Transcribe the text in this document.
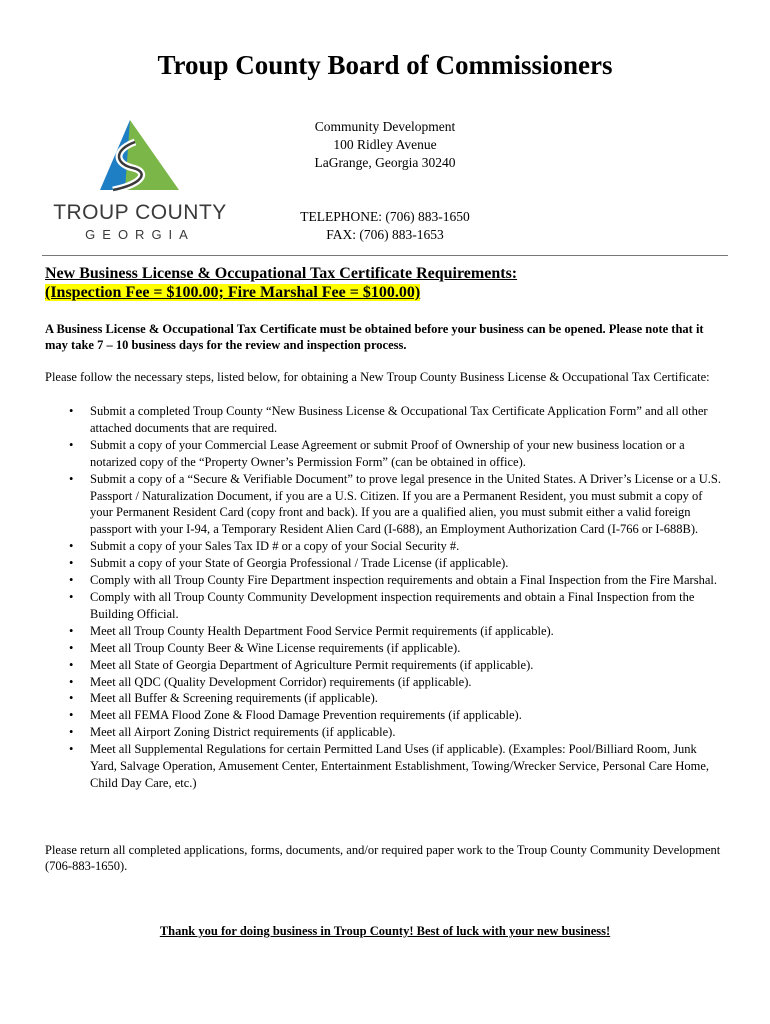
Troup County Board of Commissioners
TROUP COUNTY
GEORGIA
Community Development
100 Ridley Avenue
LaGrange, Georgia 30240
TELEPHONE: (706) 883-1650
FAX: (706) 883-1653
New Business License & Occupational Tax Certificate Requirements:
(Inspection Fee = $100.00; Fire Marshal Fee = $100.00)

A Business License & Occupational Tax Certificate must be obtained before your business can be opened. Please note that it may take 7 – 10 business days for the review and inspection process.

Please follow the necessary steps, listed below, for obtaining a New Troup County Business License & Occupational Tax Certificate:

• Submit a completed Troup County “New Business License & Occupational Tax Certificate Application Form” and all other attached documents that are required.
• Submit a copy of your Commercial Lease Agreement or submit Proof of Ownership of your new business location or a notarized copy of the “Property Owner’s Permission Form” (can be obtained in office).
• Submit a copy of a “Secure & Verifiable Document” to prove legal presence in the United States. A Driver’s License or a U.S. Passport / Naturalization Document, if you are a U.S. Citizen. If you are a Permanent Resident, you must submit a copy of your Permanent Resident Card (copy front and back). If you are a qualified alien, you must submit either a valid foreign passport with your I-94, a Temporary Resident Alien Card (I-688), an Employment Authorization Card (I-766 or I-688B).
• Submit a copy of your Sales Tax ID # or a copy of your Social Security #.
• Submit a copy of your State of Georgia Professional / Trade License (if applicable).
• Comply with all Troup County Fire Department inspection requirements and obtain a Final Inspection from the Fire Marshal.
• Comply with all Troup County Community Development inspection requirements and obtain a Final Inspection from the Building Official.
• Meet all Troup County Health Department Food Service Permit requirements (if applicable).
• Meet all Troup County Beer & Wine License requirements (if applicable).
• Meet all State of Georgia Department of Agriculture Permit requirements (if applicable).
• Meet all QDC (Quality Development Corridor) requirements (if applicable).
• Meet all Buffer & Screening requirements (if applicable).
• Meet all FEMA Flood Zone & Flood Damage Prevention requirements (if applicable).
• Meet all Airport Zoning District requirements (if applicable).
• Meet all Supplemental Regulations for certain Permitted Land Uses (if applicable). (Examples: Pool/Billiard Room, Junk Yard, Salvage Operation, Amusement Center, Entertainment Establishment, Towing/Wrecker Service, Personal Care Home, Child Day Care, etc.)

Please return all completed applications, forms, documents, and/or required paper work to the Troup County Community Development (706-883-1650).

Thank you for doing business in Troup County! Best of luck with your new business!
